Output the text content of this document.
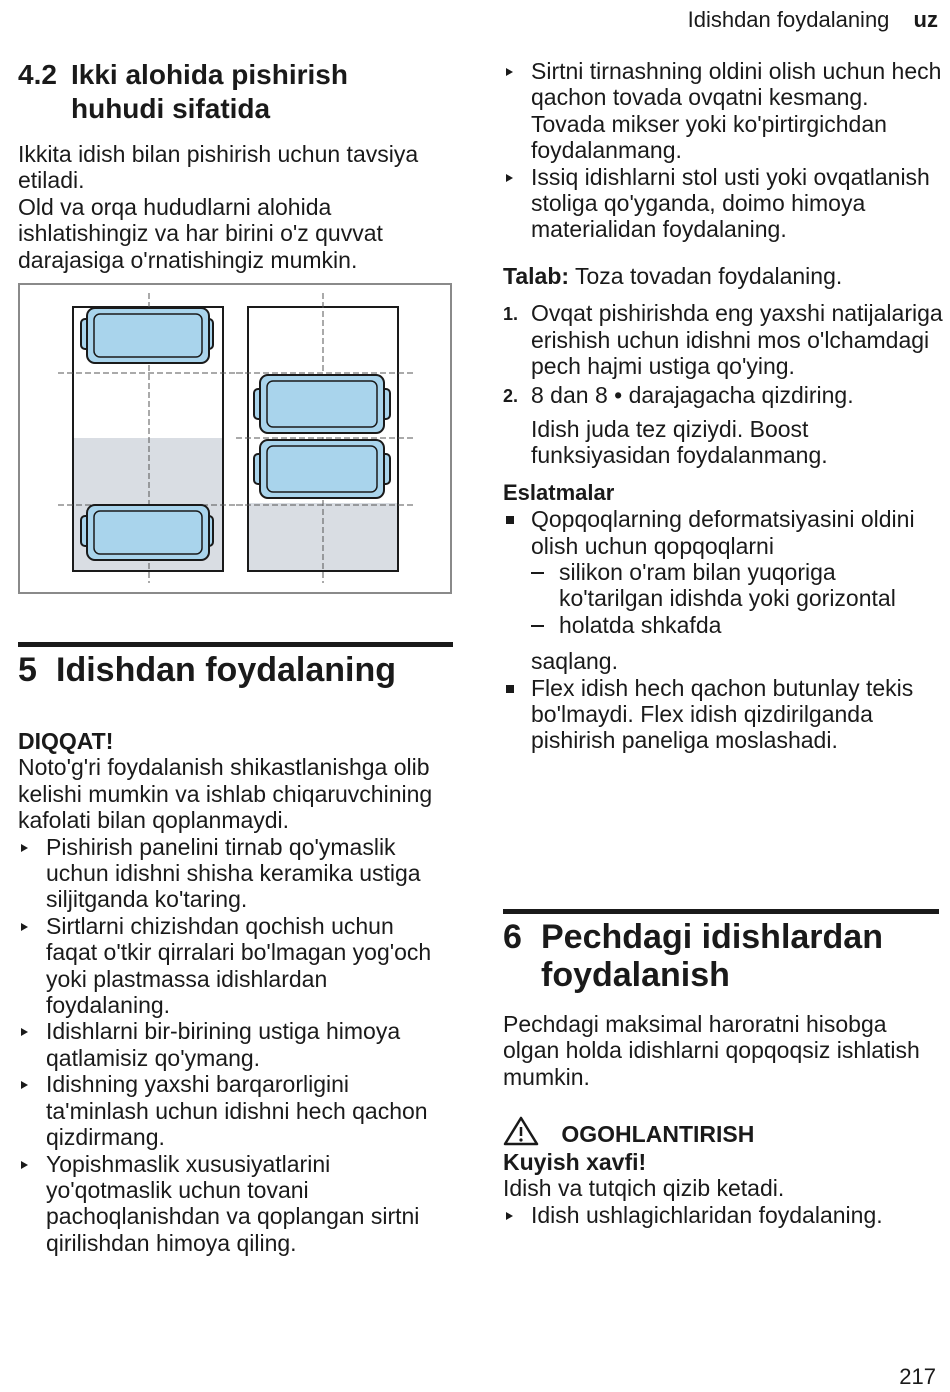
Idishdan foydalaning uz
4.2 Ikki alohida pishirish
huhudi sifatida

Ikkita idish bilan pishirish uchun tavsiya etiladi.
Old va orqa hududlarni alohida ishlatishingiz va har birini o'z quvvat darajasiga o'rnatishingiz mumkin.

5 Idishdan foydalaning
DIQQAT!

Noto'g'ri foydalanish shikastlanishga olib kelishi mumkin va ishlab chiqaruvchining kafolati bilan qoplanmaydi.

Pishirish panelini tirnab qo'ymaslik uchun idishni shisha keramika ustiga siljitganda ko'taring.
Sirtlarni chizishdan qochish uchun faqat o'tkir qirralari bo'lmagan yog'och yoki plastmassa idishlardan foydalaning.
Idishlarni bir-birining ustiga himoya qatlamisiz qo'ymang.
Idishning yaxshi barqarorligini ta'minlash uchun idishni hech qachon qizdirmang.
Yopishmaslik xususiyatlarini yo'qotmaslik uchun tovani pachoqlanishdan va qoplangan sirtni qirilishdan himoya qiling.
Sirtni tirnashning oldini olish uchun hech qachon tovada ovqatni kesmang. Tovada mikser yoki ko'pirtirgichdan foydalanmang.
Issiq idishlarni stol usti yoki ovqatlanish stoliga qo'yganda, doimo himoya materialidan foydalaning.

Talab: Toza tovadan foydalaning.

1. Ovqat pishirishda eng yaxshi natijalariga erishish uchun idishni mos o'lchamdagi pech hajmi ustiga qo'ying.
2. 8 dan 8 • darajagacha qizdiring.

Idish juda tez qiziydi. Boost funksiyasidan foydalanmang.

Eslatmalar
Qopqoqlarning deformatsiyasini oldini olish uchun qopqoqlarni
silikon o'ram bilan yuqoriga ko'tarilgan idishda yoki gorizontal
holatda shkafda
saqlang.
Flex idish hech qachon butunlay tekis bo'lmaydi. Flex idish qizdirilganda pishirish paneliga moslashadi.
6 Pechdagi idishlardan
foydalanish

Pechdagi maksimal haroratni hisobga olgan holda idishlarni qopqoqsiz ishlatish mumkin.

OGOHLANTIRISH
Kuyish xavfi!

Idish va tutqich qizib ketadi.

Idish ushlagichlaridan foydalaning.
217
